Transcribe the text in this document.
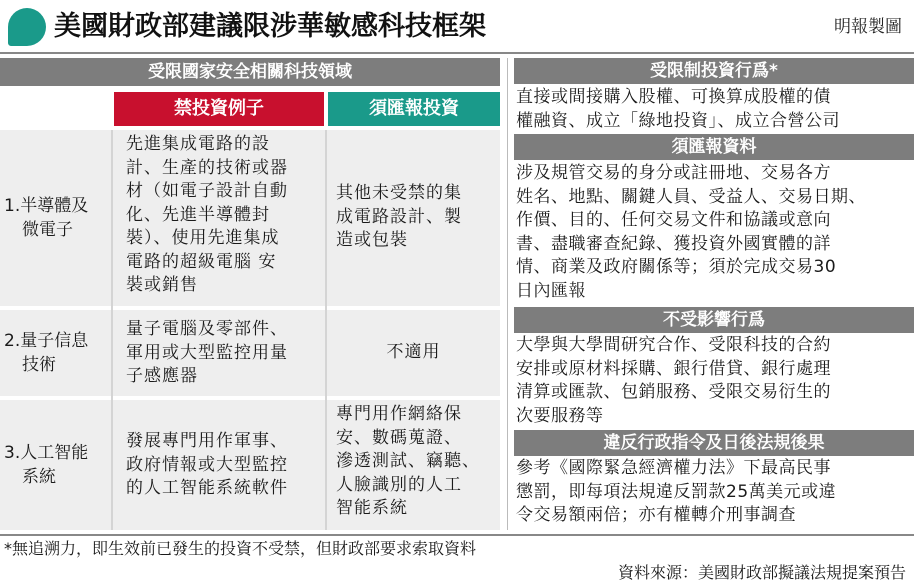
美國財政部建議限涉華敏感科技框架	明報製圖
受限國家安全相關科技領域
禁投資例子	須匯報投資
1.半導體及
微電子
先進集成電路的設
計、生產的技術或器
材（如電子設計自動
化、先進半導體封
裝）、使用先進集成
電路的超級電腦 安
裝或銷售
其他未受禁的集
成電路設計、製
造或包裝
2.量子信息
技術
量子電腦及零部件、
軍用或大型監控用量
子感應器
不適用
3.人工智能
系統
發展專門用作軍事、
政府情報或大型監控
的人工智能系統軟件
專門用作網絡保
安、數碼蒐證、
滲透測試、竊聽、
人臉識別的人工
智能系統
受限制投資行爲*
直接或間接購入股權、可換算成股權的債
權融資、成立「綠地投資」、成立合營公司
須匯報資料
涉及規管交易的身分或註冊地、交易各方
姓名、地點、關鍵人員、受益人、交易日期、
作價、目的、任何交易文件和協議或意向
書、盡職審查紀錄、獲投資外國實體的詳
情、商業及政府關係等；須於完成交易30
日內匯報
不受影響行爲
大學與大學間研究合作、受限科技的合約
安排或原材料採購、銀行借貸、銀行處理
清算或匯款、包銷服務、受限交易衍生的
次要服務等
違反行政指令及日後法規後果
參考《國際緊急經濟權力法》下最高民事
懲罰，即每項法規違反罰款25萬美元或違
令交易額兩倍；亦有權轉介刑事調查
*無追溯力，即生效前已發生的投資不受禁，但財政部要求索取資料
資料來源：美國財政部擬議法規提案預告
